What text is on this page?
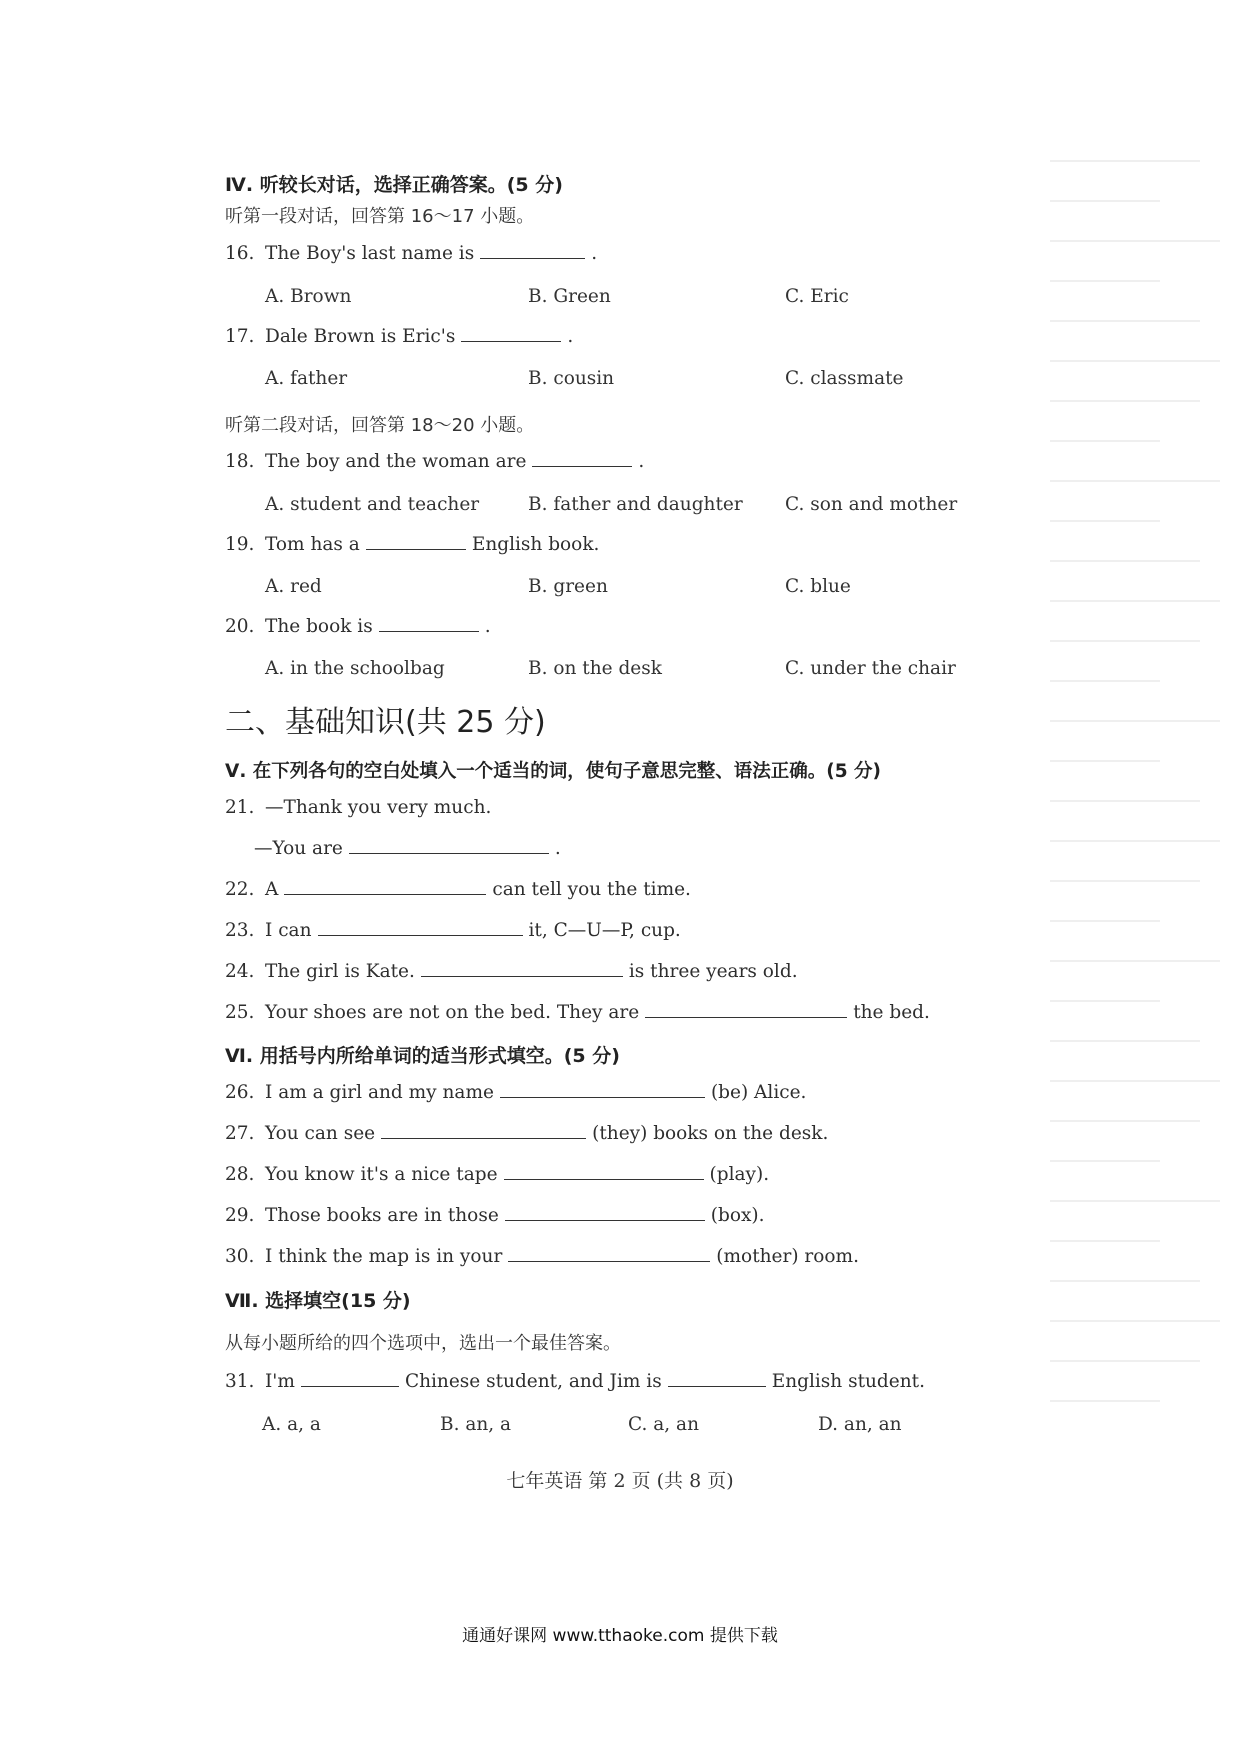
Ⅳ. 听较长对话，选择正确答案。(5 分)
听第一段对话，回答第 16～17 小题。
16. The Boy's last name is	.
A. Brown	B. Green	C. Eric
17. Dale Brown is Eric's	.
A. father	B. cousin	C. classmate
听第二段对话，回答第 18～20 小题。
18. The boy and the woman are	.
A. student and teacher	B. father and daughter C. son and mother
19. Tom has a	English book.
A. red	B. green	C. blue
20. The book is	.
A. in the schoolbag	B. on the desk	C. under the chair
二、基础知识(共 25 分)
Ⅴ. 在下列各句的空白处填入一个适当的词，使句子意思完整、语法正确。(5 分)
21. —Thank you very much.
—You are	.
22. A	can tell you the time.
23. I can	it, C—U—P, cup.
24. The girl is Kate.	is three years old.
25. Your shoes are not on the bed. They are	the bed.
Ⅵ. 用括号内所给单词的适当形式填空。(5 分)
26. I am a girl and my name	(be) Alice.
27. You can see	(they) books on the desk.
28. You know it's a nice tape	(play).
29. Those books are in those	(box).
30. I think the map is in your	(mother) room.
Ⅶ. 选择填空(15 分)
从每小题所给的四个选项中，选出一个最佳答案。
31. I'm	Chinese student, and Jim is	English student.
A. a, a	B. an, a	C. a, an	D. an, an
七年英语 第 2 页 (共 8 页)
通通好课网 www.tthaoke.com 提供下载
